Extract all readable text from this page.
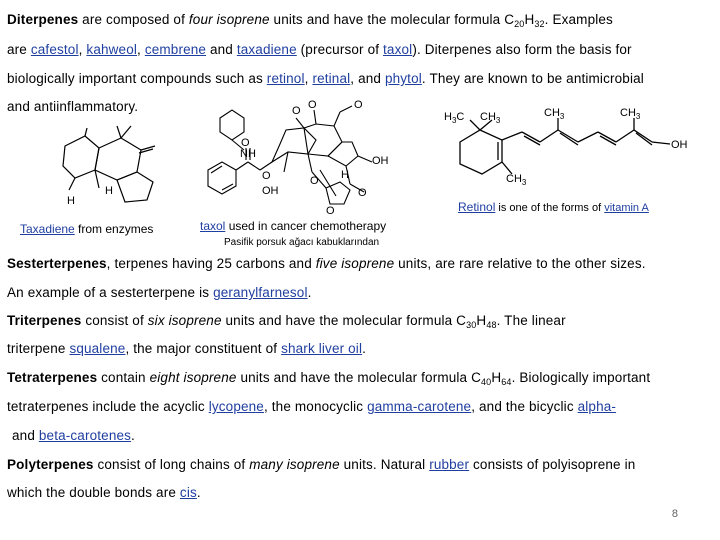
Diterpenes are composed of four isoprene units and have the molecular formula $C_{20}H_{32}$. Examples
are cafestol, kahweol, cembrene and taxadiene (precursor of taxol). Diterpenes also form the basis for
biologically important compounds such as retinol, retinal, and phytol. They are known to be antimicrobial
and antiinflammatory.
H
H
O
NH
O
OH
O O	O
OH
H
O
O
O
$H_3C$ $CH_3$
$CH_3$	$CH_3$
$CH_3$
OH
Taxadiene from enzymes	taxol used in cancer chemotherapy
Pasifik porsuk ağacı kabuklarından
Retinol is one of the forms of vitamin A
Sesterterpenes, terpenes having 25 carbons and five isoprene units, are rare relative to the other sizes.
An example of a sesterterpene is geranylfarnesol.
Triterpenes consist of six isoprene units and have the molecular formula $C_{30}H_{48}$. The linear
triterpene squalene, the major constituent of shark liver oil.
Tetraterpenes contain eight isoprene units and have the molecular formula $C_{40}H_{64}$. Biologically important
tetraterpenes include the acyclic lycopene, the monocyclic gamma-carotene, and the bicyclic alpha-
and beta-carotenes.
Polyterpenes consist of long chains of many isoprene units. Natural rubber consists of polyisoprene in
which the double bonds are cis.
8
